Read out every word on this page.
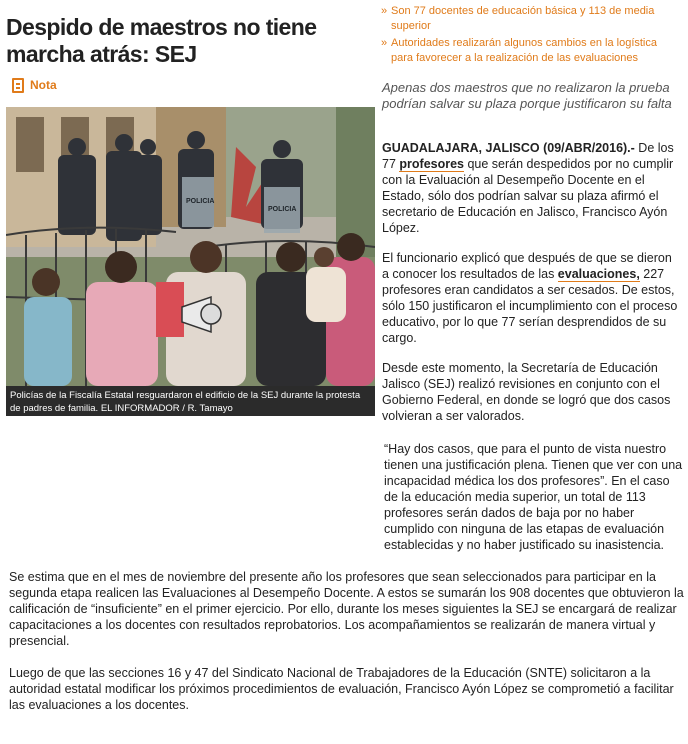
Despido de maestros no tiene marcha atrás: SEJ
Nota
» Son 77 docentes de educación básica y 113 de media superior
» Autoridades realizarán algunos cambios en la logística para favorecer a la realización de las evaluaciones
POLICIA
POLICIA
Policías de la Fiscalía Estatal resguardaron el edificio de la SEJ durante la protesta de padres de familia. EL INFORMADOR / R. Tamayo

Apenas dos maestros que no realizaron la prueba podrían salvar su plaza porque justificaron su falta

GUADALAJARA, JALISCO (09/ABR/2016).- De los 77 profesores que serán despedidos por no cumplir con la Evaluación al Desempeño Docente en el Estado, sólo dos podrían salvar su plaza afirmó el secretario de Educación en Jalisco, Francisco Ayón López.

El funcionario explicó que después de que se dieron a conocer los resultados de las evaluaciones, 227 profesores eran candidatos a ser cesados. De estos, sólo 150 justificaron el incumplimiento con el proceso educativo, por lo que 77 serían desprendidos de su cargo.

Desde este momento, la Secretaría de Educación Jalisco (SEJ) realizó revisiones en conjunto con el Gobierno Federal, en donde se logró que dos casos volvieran a ser valorados.

“Hay dos casos, que para el punto de vista nuestro tienen una justificación plena. Tienen que ver con una incapacidad médica los dos profesores”. En el caso de la educación media superior, un total de 113 profesores serán dados de baja por no haber cumplido con ninguna de las etapas de evaluación establecidas y no haber justificado su inasistencia.

Se estima que en el mes de noviembre del presente año los profesores que sean seleccionados para participar en la segunda etapa realicen las Evaluaciones al Desempeño Docente. A estos se sumarán los 908 docentes que obtuvieron la calificación de “insuficiente” en el primer ejercicio. Por ello, durante los meses siguientes la SEJ se encargará de realizar capacitaciones a los docentes con resultados reprobatorios. Los acompañamientos se realizarán de manera virtual y presencial.

Luego de que las secciones 16 y 47 del Sindicato Nacional de Trabajadores de la Educación (SNTE) solicitaron a la autoridad estatal modificar los próximos procedimientos de evaluación, Francisco Ayón López se comprometió a facilitar las evaluaciones a los docentes.
